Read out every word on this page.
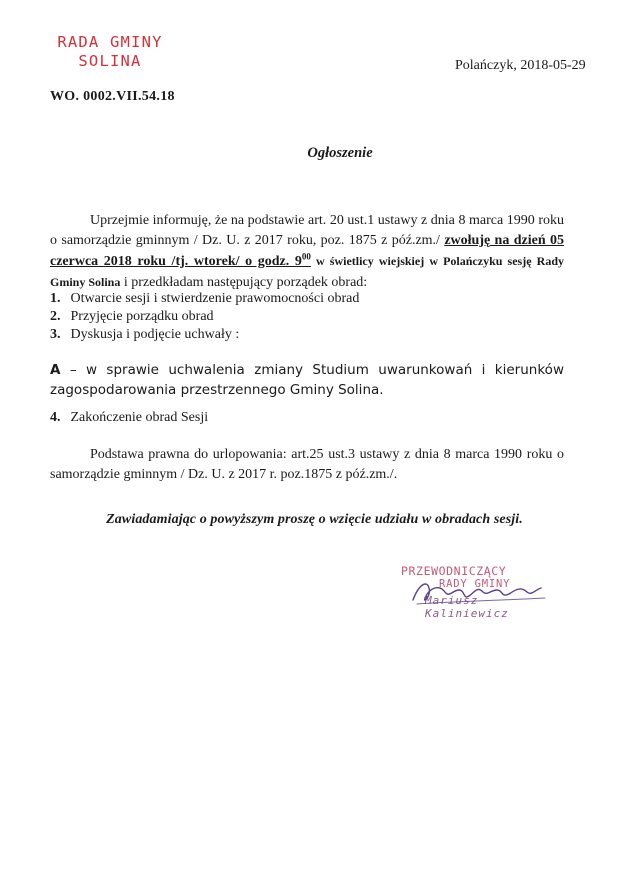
RADA GMINY
SOLINA	Polańczyk, 2018-05-29
WO. 0002.VII.54.18
Ogłoszenie
Uprzejmie informuję, że na podstawie art. 20 ust.1 ustawy z dnia 8 marca 1990 roku o samorządzie gminnym / Dz. U. z 2017 roku, poz. 1875 z póź.zm./ zwołuję na dzień 05 czerwca 2018 roku /tj. wtorek/ o godz. $9^{00}$ w świetlicy wiejskiej w Polańczyku sesję Rady Gminy Solina i przedkładam następujący porządek obrad:
1. Otwarcie sesji i stwierdzenie prawomocności obrad
2. Przyjęcie porządku obrad
3. Dyskusja i podjęcie uchwały :
A – w sprawie uchwalenia zmiany Studium uwarunkowań i kierunków zagospodarowania przestrzennego Gminy Solina.
4. Zakończenie obrad Sesji
Podstawa prawna do urlopowania: art.25 ust.3 ustawy z dnia 8 marca 1990 roku o samorządzie gminnym / Dz. U. z 2017 r. poz.1875 z póź.zm./.
Zawiadamiając o powyższym proszę o wzięcie udziału w obradach sesji.
PRZEWODNICZĄCY
RADY GMINY
Mariusz Kaliniewicz
